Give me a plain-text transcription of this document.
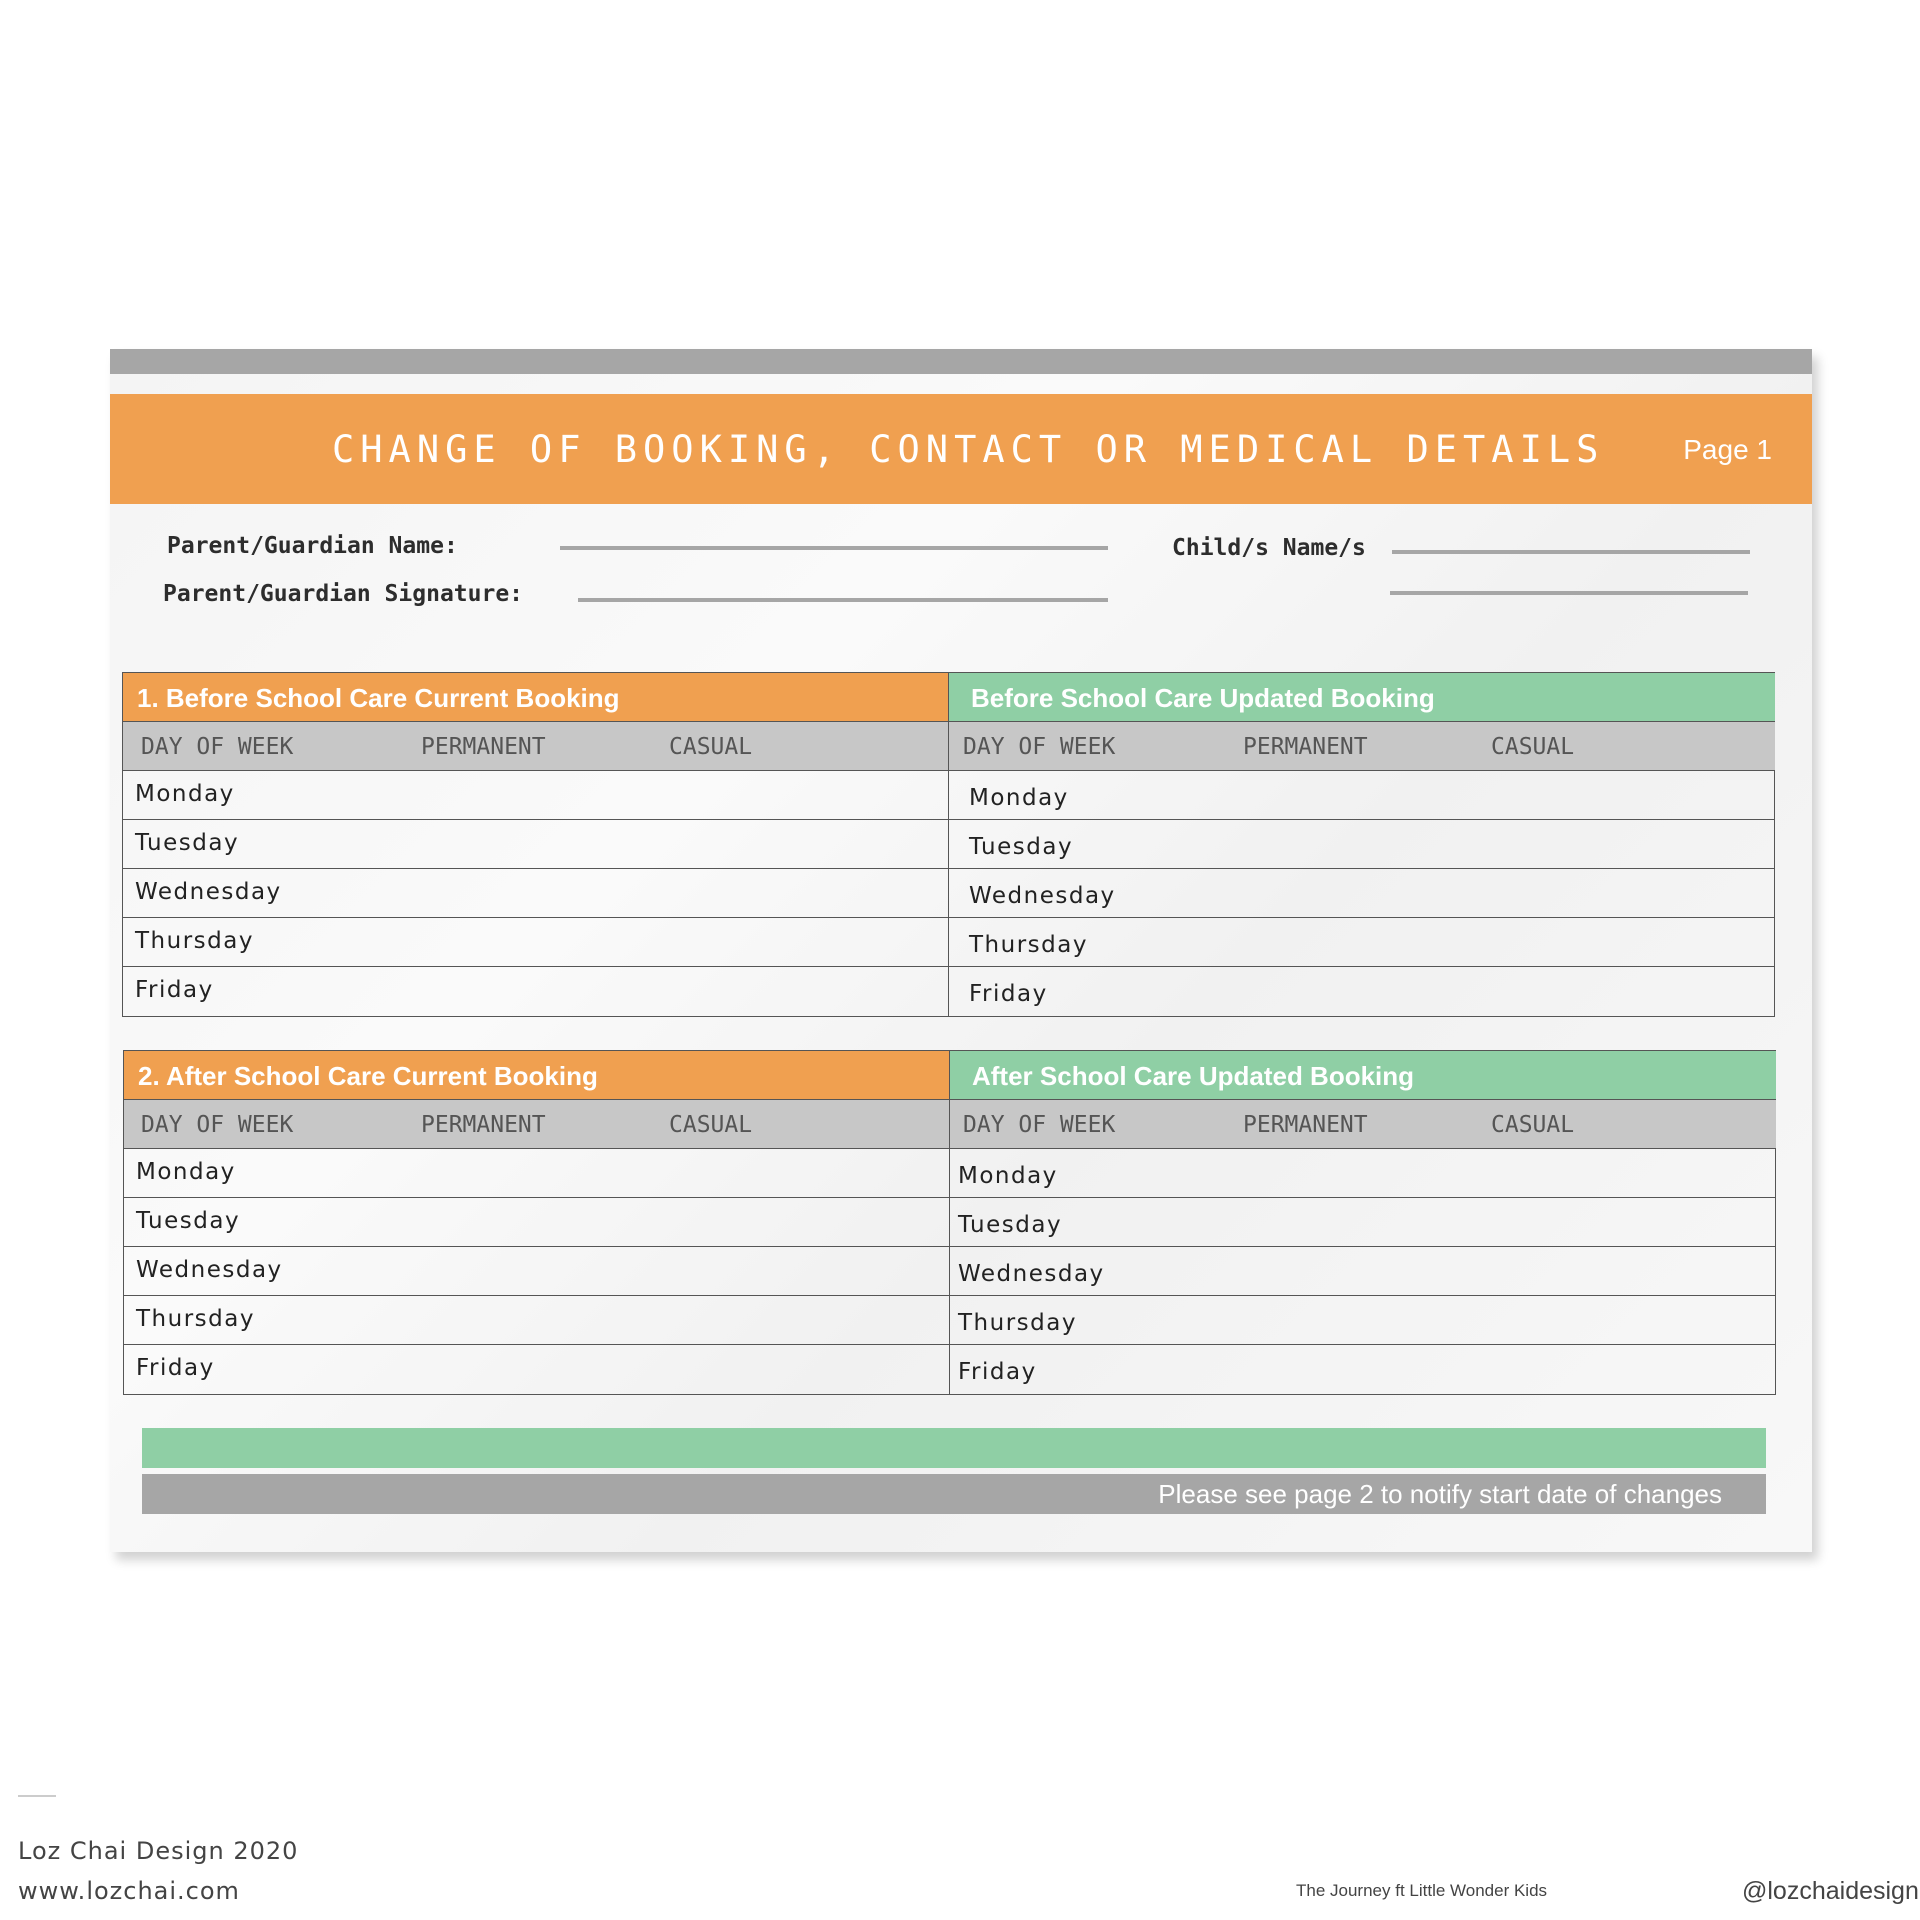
CHANGE OF BOOKING, CONTACT OR MEDICAL DETAILS	Page 1
Parent/Guardian Name:
Parent/Guardian Signature:
Child/s Name/s
1. Before School Care Current Booking
DAY OF WEEK	PERMANENT	CASUAL
Monday
Tuesday
Wednesday
Thursday
Friday
Before School Care Updated Booking
DAY OF WEEK	PERMANENT	CASUAL
Monday
Tuesday
Wednesday
Thursday
Friday
2. After School Care Current Booking
DAY OF WEEK	PERMANENT	CASUAL
Monday
Tuesday
Wednesday
Thursday
Friday
After School Care Updated Booking
DAY OF WEEK	PERMANENT	CASUAL
Monday
Tuesday
Wednesday
Thursday
Friday
Please see page 2 to notify start date of changes
Loz Chai Design 2020
www.lozchai.com	The Journey ft Little Wonder Kids	@lozchaidesign
